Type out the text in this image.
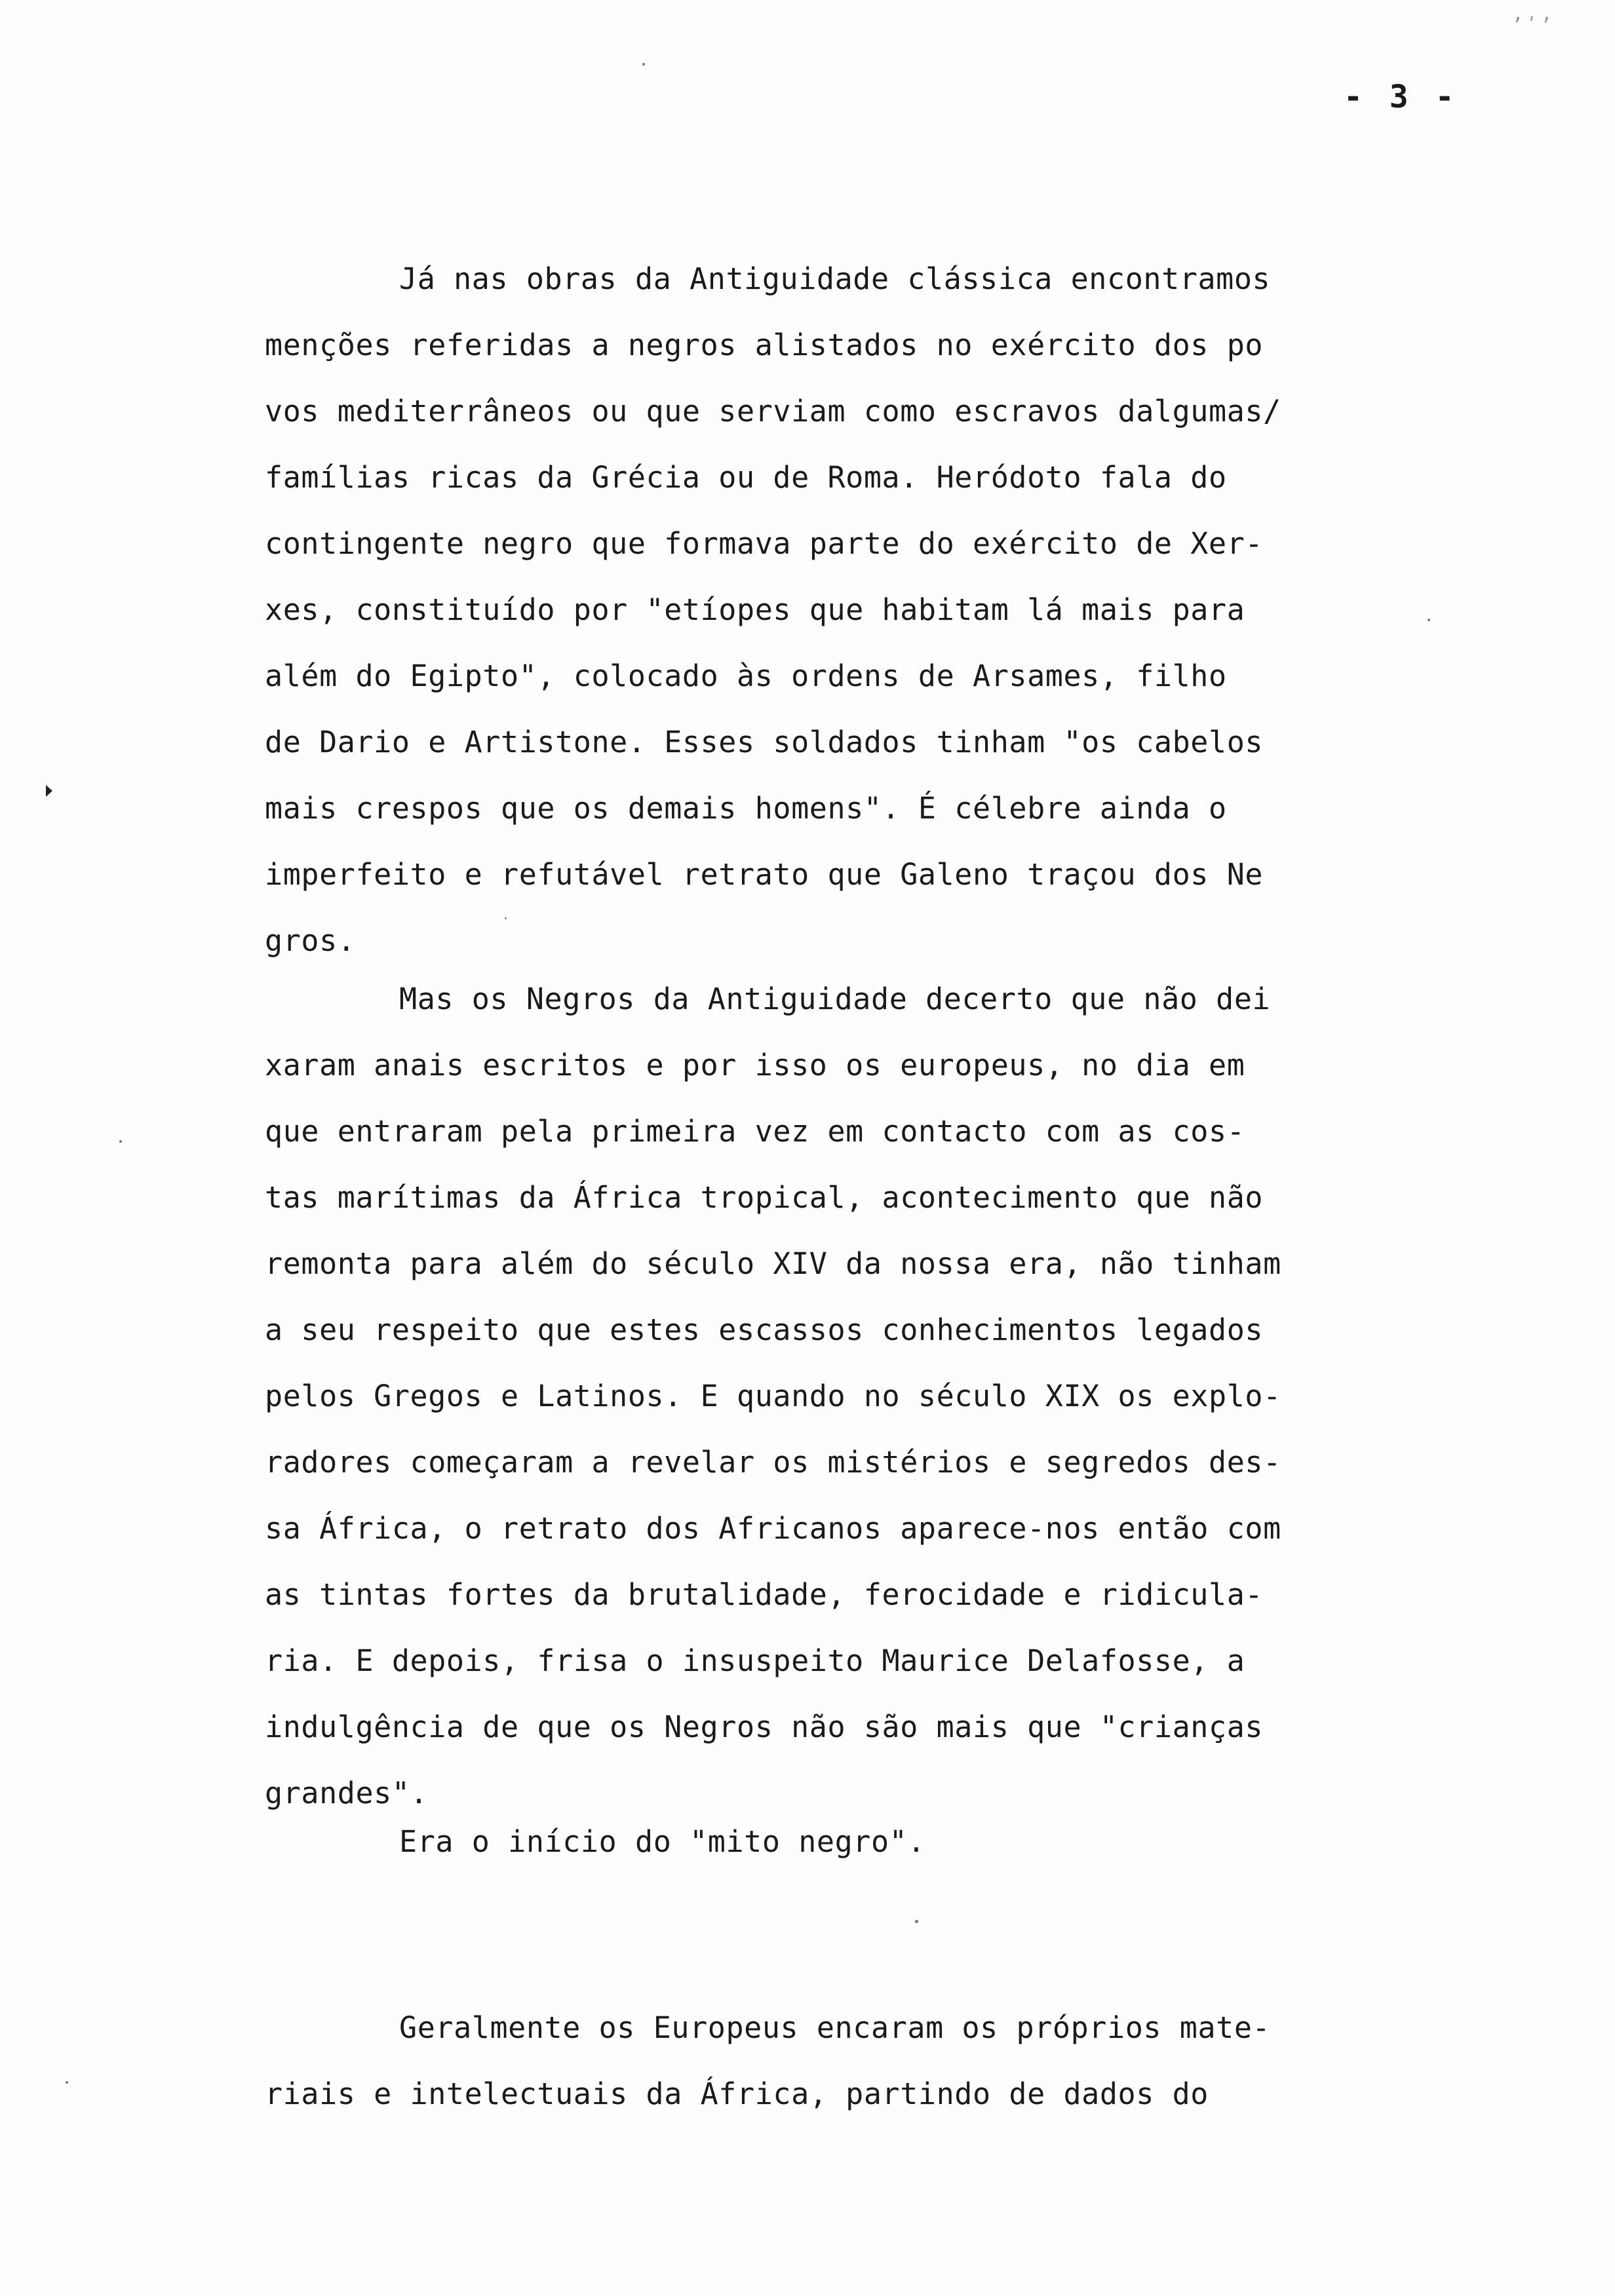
ʼʹʼ
- 3 -
Já nas obras da Antiguidade clássica encontramos
menções referidas a negros alistados no exército dos po
vos mediterrâneos ou que serviam como escravos dalgumas/
famílias ricas da Grécia ou de Roma. Heródoto fala do
contingente negro que formava parte do exército de Xer-
xes, constituído por "etíopes que habitam lá mais para
além do Egipto", colocado às ordens de Arsames, filho
de Dario e Artistone. Esses soldados tinham "os cabelos
mais crespos que os demais homens". É célebre ainda o
imperfeito e refutável retrato que Galeno traçou dos Ne
gros.
Mas os Negros da Antiguidade decerto que não dei
xaram anais escritos e por isso os europeus, no dia em
que entraram pela primeira vez em contacto com as cos-
tas marítimas da África tropical, acontecimento que não
remonta para além do século XIV da nossa era, não tinham
a seu respeito que estes escassos conhecimentos legados
pelos Gregos e Latinos. E quando no século XIX os explo-
radores começaram a revelar os mistérios e segredos des-
sa África, o retrato dos Africanos aparece-nos então com
as tintas fortes da brutalidade, ferocidade e ridicula-
ria. E depois, frisa o insuspeito Maurice Delafosse, a
indulgência de que os Negros não são mais que "crianças
grandes".
Era o início do "mito negro".
Geralmente os Europeus encaram os próprios mate-
riais e intelectuais da África, partindo de dados do
